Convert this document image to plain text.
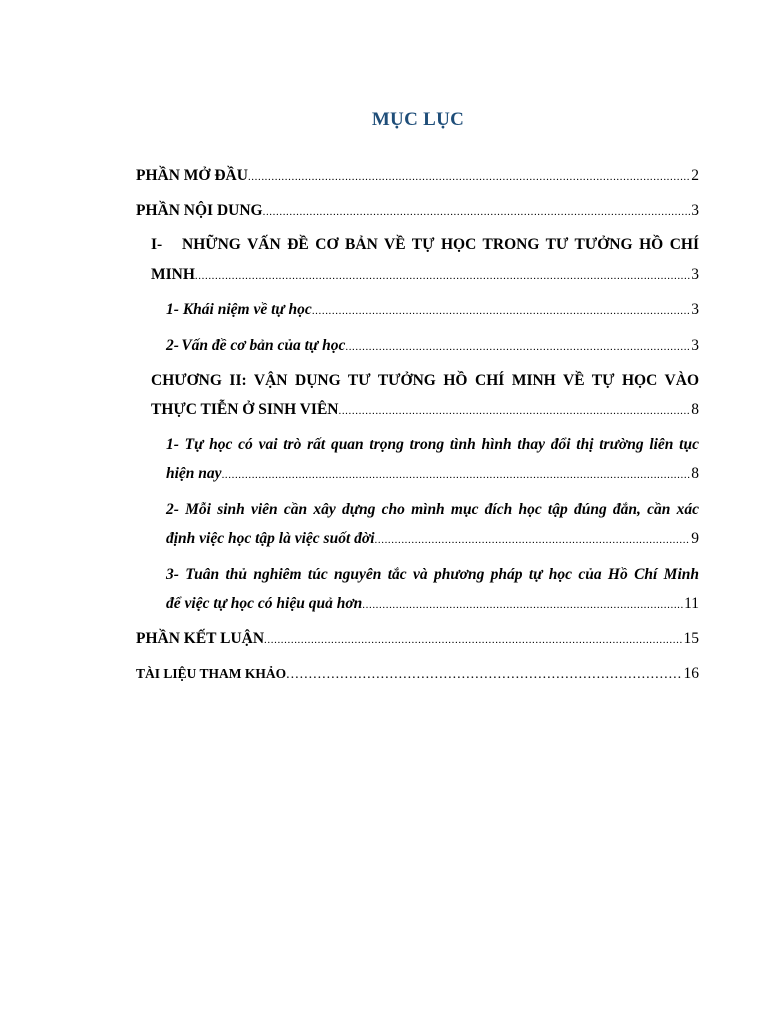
MỤC LỤC
PHẦN MỞ ĐẦU .....	2
PHẦN NỘI DUNG .....	3
I- NHỮNG VẤN ĐỀ CƠ BẢN VỀ TỰ HỌC TRONG TƯ TƯỞNG HỒ CHÍ
MINH .....	3
1- Khái niệm về tự học .....	3
2- Vấn đề cơ bản của tự học .....	3
CHƯƠNG II: VẬN DỤNG TƯ TƯỞNG HỒ CHÍ MINH VỀ TỰ HỌC VÀO
THỰC TIỄN Ở SINH VIÊN .....	8
1- Tự học có vai trò rất quan trọng trong tình hình thay đổi thị trường liên tục
hiện nay .....	8
2- Mỗi sinh viên cần xây dựng cho mình mục đích học tập đúng đắn, cần xác
định việc học tập là việc suốt đời .....	9
3- Tuân thủ nghiêm túc nguyên tắc và phương pháp tự học của Hồ Chí Minh
để việc tự học có hiệu quả hơn .....	11
PHẦN KẾT LUẬN .....	15
TÀI LIỆU THAM KHẢO .....	16
